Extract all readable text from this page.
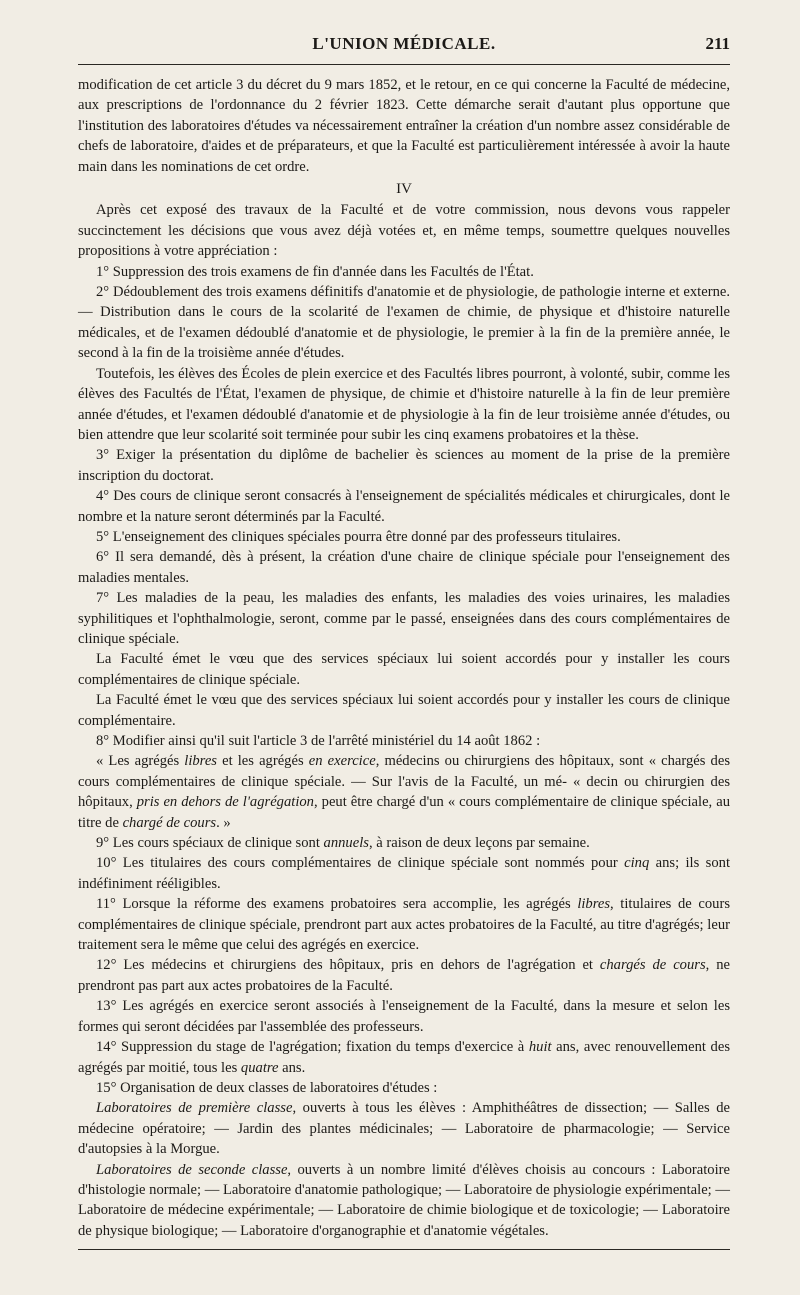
L'UNION MÉDICALE.	211

modification de cet article 3 du décret du 9 mars 1852, et le retour, en ce qui concerne la Faculté de médecine, aux prescriptions de l'ordonnance du 2 février 1823. Cette démarche serait d'autant plus opportune que l'institution des laboratoires d'études va nécessairement entraîner la création d'un nombre assez considérable de chefs de laboratoire, d'aides et de préparateurs, et que la Faculté est particulièrement intéressée à avoir la haute main dans les nominations de cet ordre.

IV

Après cet exposé des travaux de la Faculté et de votre commission, nous devons vous rappeler succinctement les décisions que vous avez déjà votées et, en même temps, soumettre quelques nouvelles propositions à votre appréciation :

1° Suppression des trois examens de fin d'année dans les Facultés de l'État.

2° Dédoublement des trois examens définitifs d'anatomie et de physiologie, de pathologie interne et externe. — Distribution dans le cours de la scolarité de l'examen de chimie, de physique et d'histoire naturelle médicales, et de l'examen dédoublé d'anatomie et de physiologie, le premier à la fin de la première année, le second à la fin de la troisième année d'études.

Toutefois, les élèves des Écoles de plein exercice et des Facultés libres pourront, à volonté, subir, comme les élèves des Facultés de l'État, l'examen de physique, de chimie et d'histoire naturelle à la fin de leur première année d'études, et l'examen dédoublé d'anatomie et de physiologie à la fin de leur troisième année d'études, ou bien attendre que leur scolarité soit terminée pour subir les cinq examens probatoires et la thèse.

3° Exiger la présentation du diplôme de bachelier ès sciences au moment de la prise de la première inscription du doctorat.

4° Des cours de clinique seront consacrés à l'enseignement de spécialités médicales et chirurgicales, dont le nombre et la nature seront déterminés par la Faculté.

5° L'enseignement des cliniques spéciales pourra être donné par des professeurs titulaires.

6° Il sera demandé, dès à présent, la création d'une chaire de clinique spéciale pour l'enseignement des maladies mentales.

7° Les maladies de la peau, les maladies des enfants, les maladies des voies urinaires, les maladies syphilitiques et l'ophthalmologie, seront, comme par le passé, enseignées dans des cours complémentaires de clinique spéciale.

La Faculté émet le vœu que des services spéciaux lui soient accordés pour y installer les cours complémentaires de clinique spéciale.

La Faculté émet le vœu que des services spéciaux lui soient accordés pour y installer les cours de clinique complémentaire.

8° Modifier ainsi qu'il suit l'article 3 de l'arrêté ministériel du 14 août 1862 :

« Les agrégés libres et les agrégés en exercice, médecins ou chirurgiens des hôpitaux, sont « chargés des cours complémentaires de clinique spéciale. — Sur l'avis de la Faculté, un mé- « decin ou chirurgien des hôpitaux, pris en dehors de l'agrégation, peut être chargé d'un « cours complémentaire de clinique spéciale, au titre de chargé de cours. »

9° Les cours spéciaux de clinique sont annuels, à raison de deux leçons par semaine.

10° Les titulaires des cours complémentaires de clinique spéciale sont nommés pour cinq ans; ils sont indéfiniment rééligibles.

11° Lorsque la réforme des examens probatoires sera accomplie, les agrégés libres, titulaires de cours complémentaires de clinique spéciale, prendront part aux actes probatoires de la Faculté, au titre d'agrégés; leur traitement sera le même que celui des agrégés en exercice.

12° Les médecins et chirurgiens des hôpitaux, pris en dehors de l'agrégation et chargés de cours, ne prendront pas part aux actes probatoires de la Faculté.

13° Les agrégés en exercice seront associés à l'enseignement de la Faculté, dans la mesure et selon les formes qui seront décidées par l'assemblée des professeurs.

14° Suppression du stage de l'agrégation; fixation du temps d'exercice à huit ans, avec renouvellement des agrégés par moitié, tous les quatre ans.

15° Organisation de deux classes de laboratoires d'études :

Laboratoires de première classe, ouverts à tous les élèves : Amphithéâtres de dissection; — Salles de médecine opératoire; — Jardin des plantes médicinales; — Laboratoire de pharmacologie; — Service d'autopsies à la Morgue.

Laboratoires de seconde classe, ouverts à un nombre limité d'élèves choisis au concours : Laboratoire d'histologie normale; — Laboratoire d'anatomie pathologique; — Laboratoire de physiologie expérimentale; — Laboratoire de médecine expérimentale; — Laboratoire de chimie biologique et de toxicologie; — Laboratoire de physique biologique; — Laboratoire d'organographie et d'anatomie végétales.
